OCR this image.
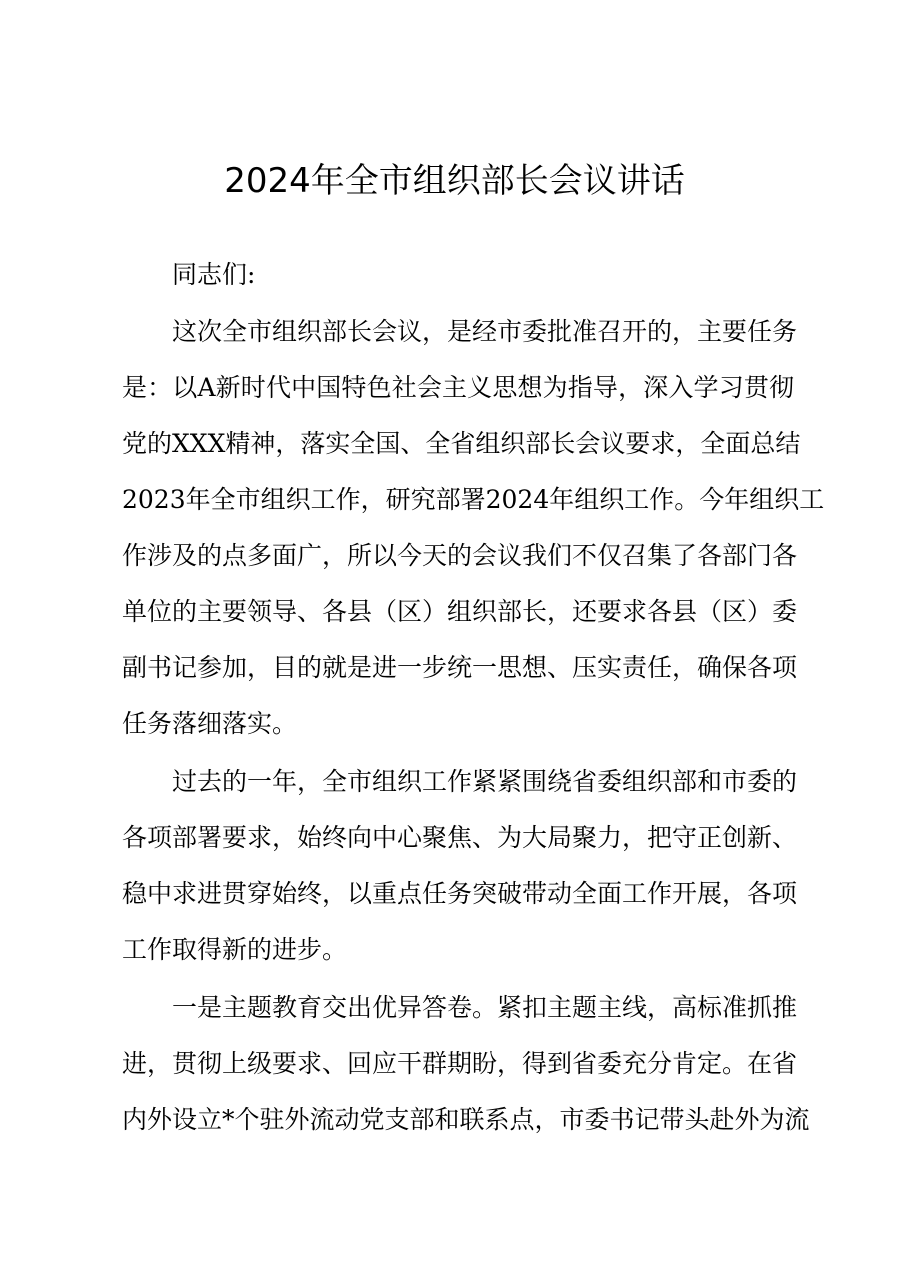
2024年全市组织部长会议讲话

同志们:

这次全市组织部长会议，是经市委批准召开的，主要任务

是：以A新时代中国特色社会主义思想为指导，深入学习贯彻

党的XXX精神，落实全国、全省组织部长会议要求，全面总结

2023年全市组织工作，研究部署2024年组织工作。今年组织工

作涉及的点多面广，所以今天的会议我们不仅召集了各部门各

单位的主要领导、各县（区）组织部长，还要求各县（区）委

副书记参加，目的就是进一步统一思想、压实责任，确保各项

任务落细落实。

过去的一年，全市组织工作紧紧围绕省委组织部和市委的

各项部署要求，始终向中心聚焦、为大局聚力，把守正创新、

稳中求进贯穿始终，以重点任务突破带动全面工作开展，各项

工作取得新的进步。

一是主题教育交出优异答卷。紧扣主题主线，高标准抓推

进，贯彻上级要求、回应干群期盼，得到省委充分肯定。在省

内外设立*个驻外流动党支部和联系点，市委书记带头赴外为流
